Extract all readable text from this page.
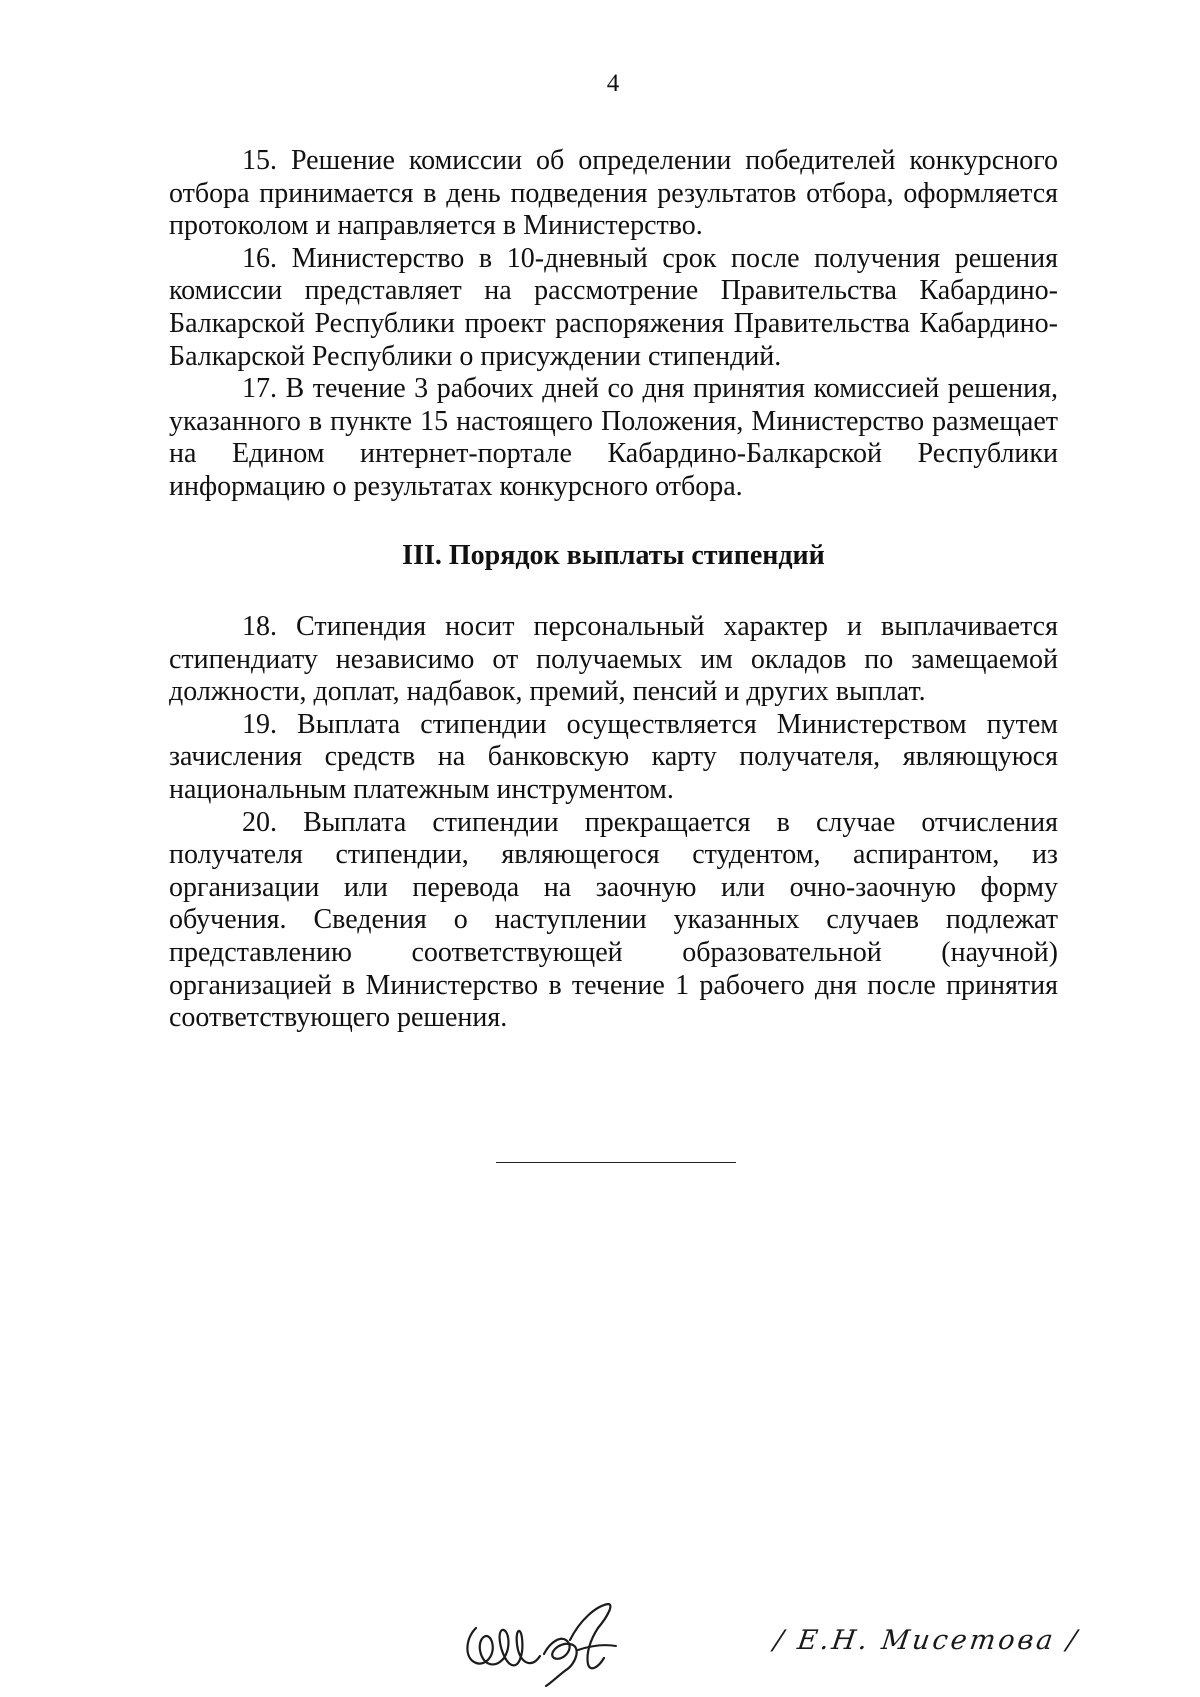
4

15. Решение комиссии об определении победителей конкурсного отбора принимается в день подведения результатов отбора, оформляется протоколом и направляется в Министерство.

16. Министерство в 10-дневный срок после получения решения комиссии представляет на рассмотрение Правительства Кабардино-Балкарской Республики проект распоряжения Правительства Кабардино-Балкарской Республики о присуждении стипендий.

17. В течение 3 рабочих дней со дня принятия комиссией решения, указанного в пункте 15 настоящего Положения, Министерство размещает на Едином интернет-портале Кабардино-Балкарской Республики информацию о результатах конкурсного отбора.

III. Порядок выплаты стипендий

18. Стипендия носит персональный характер и выплачивается стипендиату независимо от получаемых им окладов по замещаемой должности, доплат, надбавок, премий, пенсий и других выплат.

19. Выплата стипендии осуществляется Министерством путем зачисления средств на банковскую карту получателя, являющуюся национальным платежным инструментом.

20. Выплата стипендии прекращается в случае отчисления получателя стипендии, являющегося студентом, аспирантом, из организации или перевода на заочную или очно-заочную форму обучения. Сведения о наступлении указанных случаев подлежат представлению соответствующей образовательной (научной) организацией в Министерство в течение 1 рабочего дня после принятия соответствующего решения.

/ Е.Н. Мисетова /
